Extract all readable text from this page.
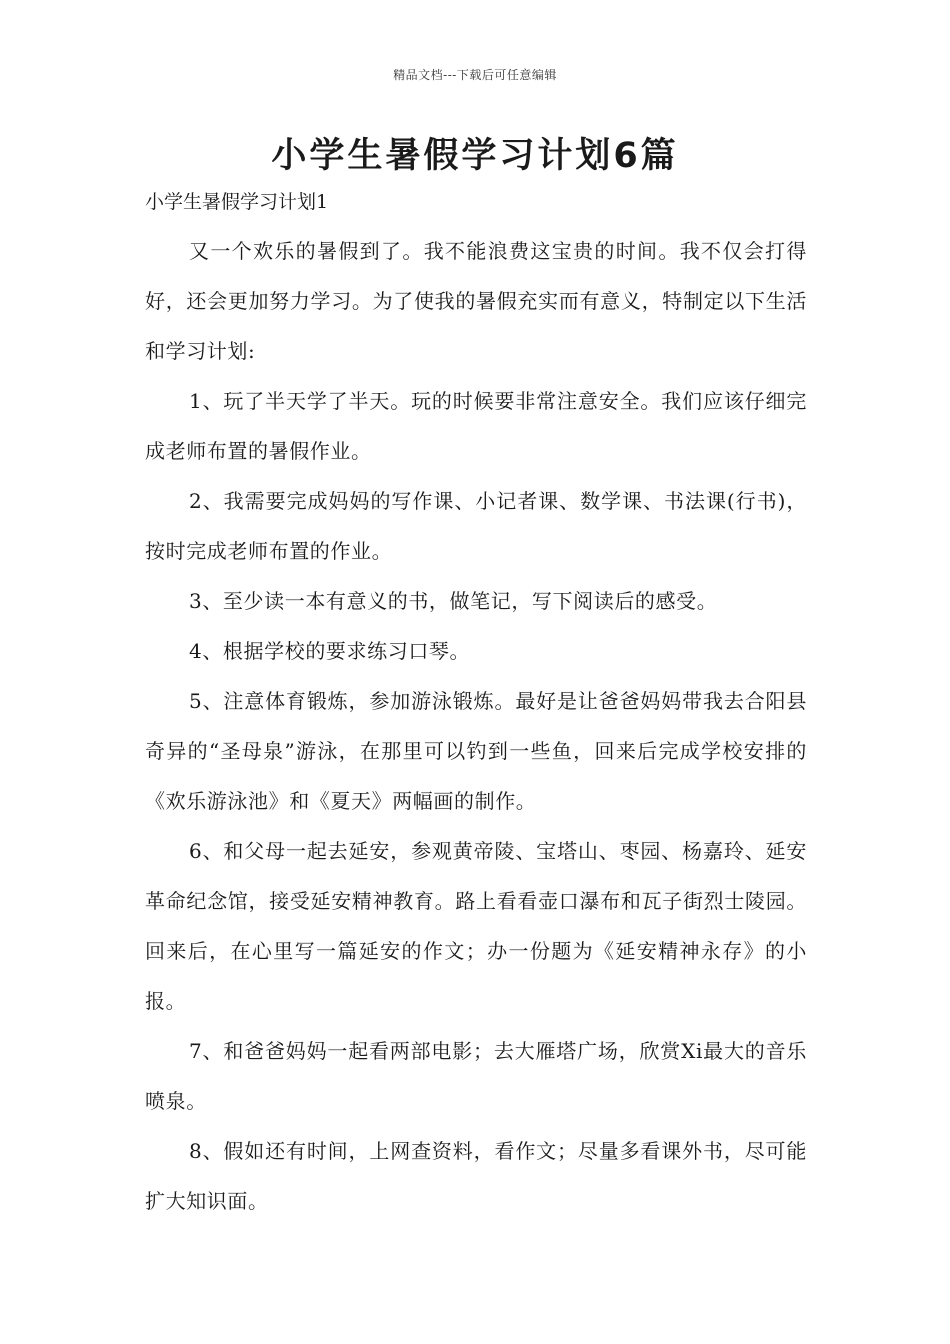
精品文档---下载后可任意编辑
小学生暑假学习计划6篇
小学生暑假学习计划1

又一个欢乐的暑假到了。我不能浪费这宝贵的时间。我不仅会打得好，还会更加努力学习。为了使我的暑假充实而有意义，特制定以下生活和学习计划:

1、玩了半天学了半天。玩的时候要非常注意安全。我们应该仔细完成老师布置的暑假作业。

2、我需要完成妈妈的写作课、小记者课、数学课、书法课(行书)，按时完成老师布置的作业。

3、至少读一本有意义的书，做笔记，写下阅读后的感受。

4、根据学校的要求练习口琴。

5、注意体育锻炼，参加游泳锻炼。最好是让爸爸妈妈带我去合阳县奇异的“圣母泉”游泳，在那里可以钓到一些鱼，回来后完成学校安排的《欢乐游泳池》和《夏天》两幅画的制作。

6、和父母一起去延安，参观黄帝陵、宝塔山、枣园、杨嘉玲、延安革命纪念馆，接受延安精神教育。路上看看壶口瀑布和瓦子街烈士陵园。回来后，在心里写一篇延安的作文；办一份题为《延安精神永存》的小报。

7、和爸爸妈妈一起看两部电影；去大雁塔广场，欣赏Xi最大的音乐喷泉。

8、假如还有时间，上网查资料，看作文；尽量多看课外书，尽可能扩大知识面。
